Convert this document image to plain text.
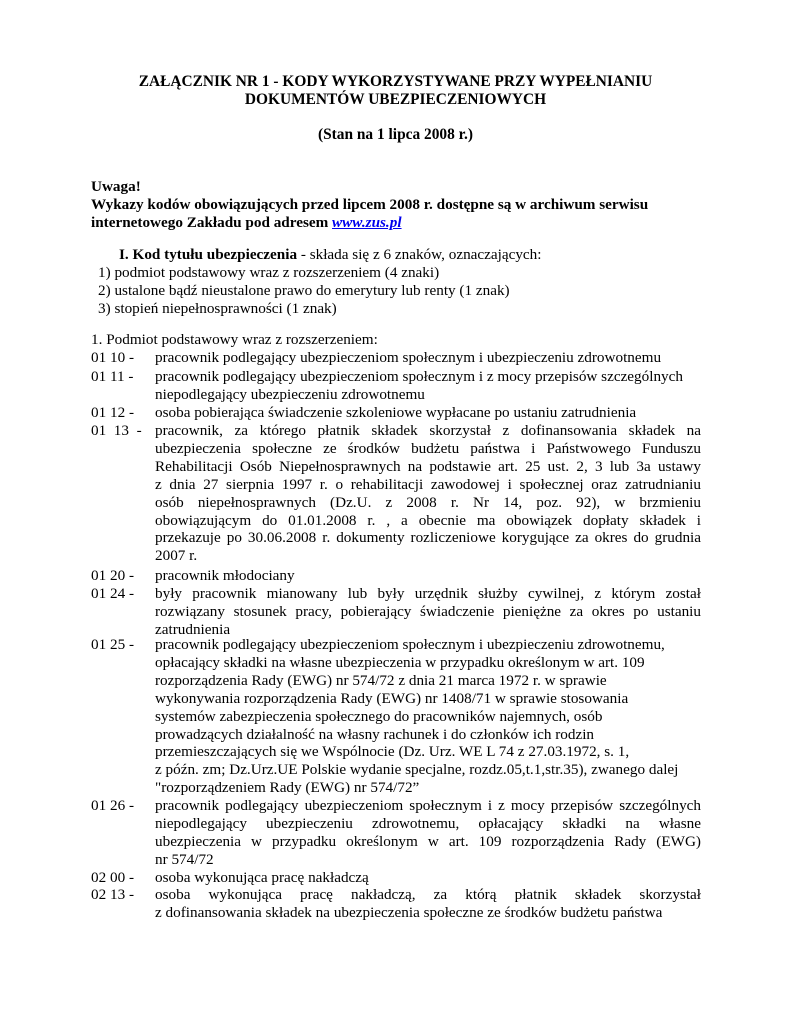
ZAŁĄCZNIK NR 1 - KODY WYKORZYSTYWANE PRZY WYPEŁNIANIU
DOKUMENTÓW UBEZPIECZENIOWYCH
(Stan na 1 lipca 2008 r.)
Uwaga!
Wykazy kodów obowiązujących przed lipcem 2008 r. dostępne są w archiwum serwisu
internetowego Zakładu pod adresem www.zus.pl
I. Kod tytułu ubezpieczenia - składa się z 6 znaków, oznaczających:
1) podmiot podstawowy wraz z rozszerzeniem (4 znaki)
2) ustalone bądź nieustalone prawo do emerytury lub renty (1 znak)
3) stopień niepełnosprawności (1 znak)
1. Podmiot podstawowy wraz z rozszerzeniem:
01 10 - pracownik podlegający ubezpieczeniom społecznym i ubezpieczeniu zdrowotnemu
01 11 - pracownik podlegający ubezpieczeniom społecznym i z mocy przepisów szczególnych
niepodlegający ubezpieczeniu zdrowotnemu
01 12 - osoba pobierająca świadczenie szkoleniowe wypłacane po ustaniu zatrudnienia
01  13  - pracownik, za którego płatnik składek skorzystał z dofinansowania składek na
ubezpieczenia społeczne ze środków budżetu państwa i Państwowego Funduszu
Rehabilitacji Osób Niepełnosprawnych na podstawie art. 25 ust. 2, 3 lub 3a ustawy
z dnia 27 sierpnia 1997 r. o rehabilitacji zawodowej i społecznej oraz zatrudnianiu
osób niepełnosprawnych (Dz.U. z 2008 r. Nr 14, poz. 92), w brzmieniu
obowiązującym do 01.01.2008 r. , a obecnie ma obowiązek dopłaty składek i
przekazuje po 30.06.2008 r. dokumenty rozliczeniowe korygujące za okres do grudnia
2007 r.
01 20 - pracownik młodociany
01 24 - były pracownik mianowany lub były urzędnik służby cywilnej, z którym został
rozwiązany stosunek pracy, pobierający świadczenie pieniężne za okres po ustaniu
zatrudnienia
01 25 - pracownik podlegający ubezpieczeniom społecznym i ubezpieczeniu zdrowotnemu,
opłacający składki na własne ubezpieczenia w przypadku określonym w art. 109
rozporządzenia Rady (EWG) nr 574/72 z dnia 21 marca 1972 r. w sprawie
wykonywania rozporządzenia Rady (EWG) nr 1408/71 w sprawie stosowania
systemów zabezpieczenia społecznego do pracowników najemnych, osób
prowadzących działalność na własny rachunek i do członków ich rodzin
przemieszczających się we Wspólnocie (Dz. Urz. WE L 74 z 27.03.1972, s. 1,
z późn. zm; Dz.Urz.UE Polskie wydanie specjalne, rozdz.05,t.1,str.35), zwanego dalej
"rozporządzeniem Rady (EWG) nr 574/72”
01 26 - pracownik podlegający ubezpieczeniom społecznym i z mocy przepisów szczególnych
niepodlegający ubezpieczeniu zdrowotnemu, opłacający składki na własne
ubezpieczenia w przypadku określonym w art. 109 rozporządzenia Rady (EWG)
nr 574/72
02 00 - osoba wykonująca pracę nakładczą
02 13 - osoba wykonująca pracę nakładczą, za którą płatnik składek skorzystał
z dofinansowania składek na ubezpieczenia społeczne ze środków budżetu państwa
